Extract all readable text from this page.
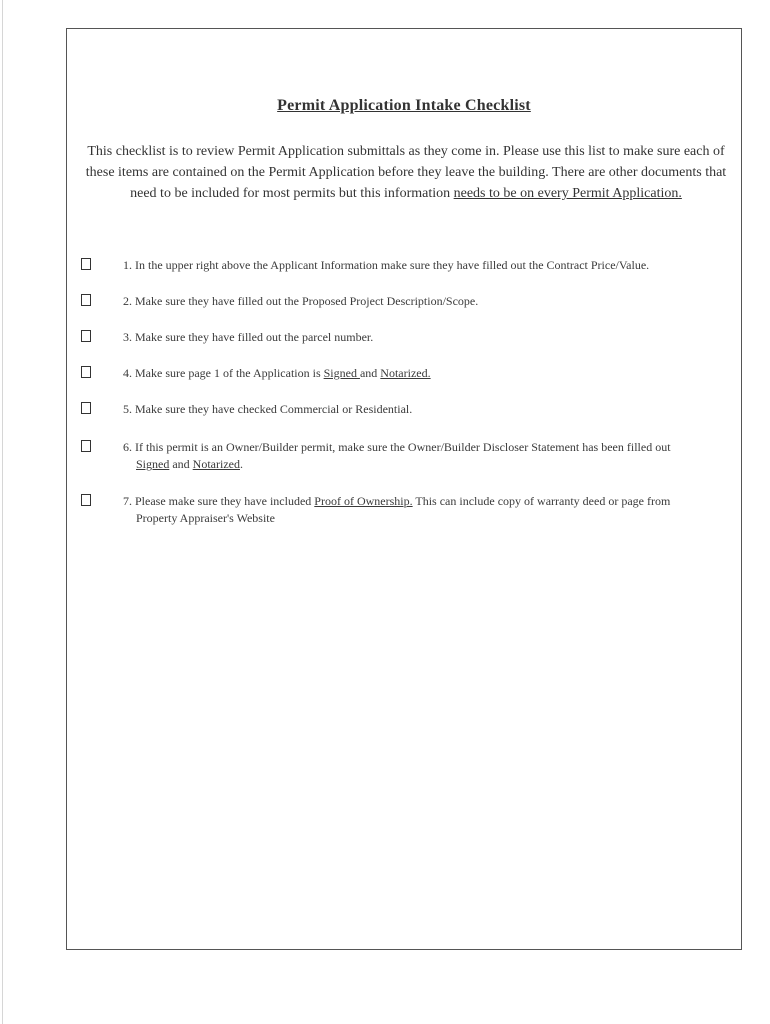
Permit Application Intake Checklist
This checklist is to review Permit Application submittals as they come in. Please use this list to make sure each of these items are contained on the Permit Application before they leave the building. There are other documents that need to be included for most permits but this information needs to be on every Permit Application.
1. In the upper right above the Applicant Information make sure they have filled out the Contract Price/Value.
2. Make sure they have filled out the Proposed Project Description/Scope.
3. Make sure they have filled out the parcel number.
4. Make sure page 1 of the Application is Signed and Notarized.
5. Make sure they have checked Commercial or Residential.
6. If this permit is an Owner/Builder permit, make sure the Owner/Builder Discloser Statement has been filled out
Signed and Notarized.
7. Please make sure they have included Proof of Ownership. This can include copy of warranty deed or page from
Property Appraiser's Website
